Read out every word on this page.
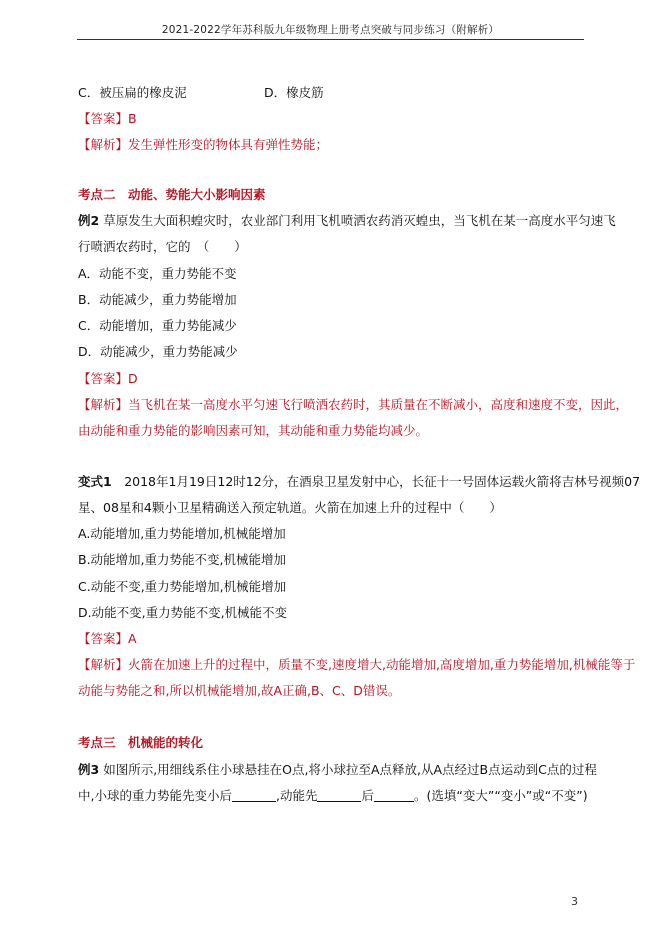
2021-2022学年苏科版九年级物理上册考点突破与同步练习（附解析）
C．被压扁的橡皮泥	D．橡皮筋
【答案】B
【解析】发生弹性形变的物体具有弹性势能；
考点二　动能、势能大小影响因素
例2 草原发生大面积蝗灾时，农业部门利用飞机喷洒农药消灭蝗虫，当飞机在某一高度水平匀速飞
行喷洒农药时，它的　（　　）
A．动能不变，重力势能不变
B．动能减少，重力势能增加
C．动能增加，重力势能减少
D．动能减少，重力势能减少
【答案】D
【解析】当飞机在某一高度水平匀速飞行喷洒农药时，其质量在不断减小，高度和速度不变，因此，
由动能和重力势能的影响因素可知，其动能和重力势能均减少。
变式1　2018年1月19日12时12分，在酒泉卫星发射中心，长征十一号固体运载火箭将吉林号视频07
星、08星和4颗小卫星精确送入预定轨道。火箭在加速上升的过程中（　　）
A.动能增加,重力势能增加,机械能增加
B.动能增加,重力势能不变,机械能增加
C.动能不变,重力势能增加,机械能增加
D.动能不变,重力势能不变,机械能不变
【答案】A
【解析】火箭在加速上升的过程中，质量不变,速度增大,动能增加,高度增加,重力势能增加,机械能等于
动能与势能之和,所以机械能增加,故A正确,B、C、D错误。
考点三　机械能的转化
例3 如图所示,用细线系住小球悬挂在O点,将小球拉至A点释放,从A点经过B点运动到C点的过程
中,小球的重力势能先变小后	,动能先	后	。(选填“变大”“变小”或“不变”)
3
